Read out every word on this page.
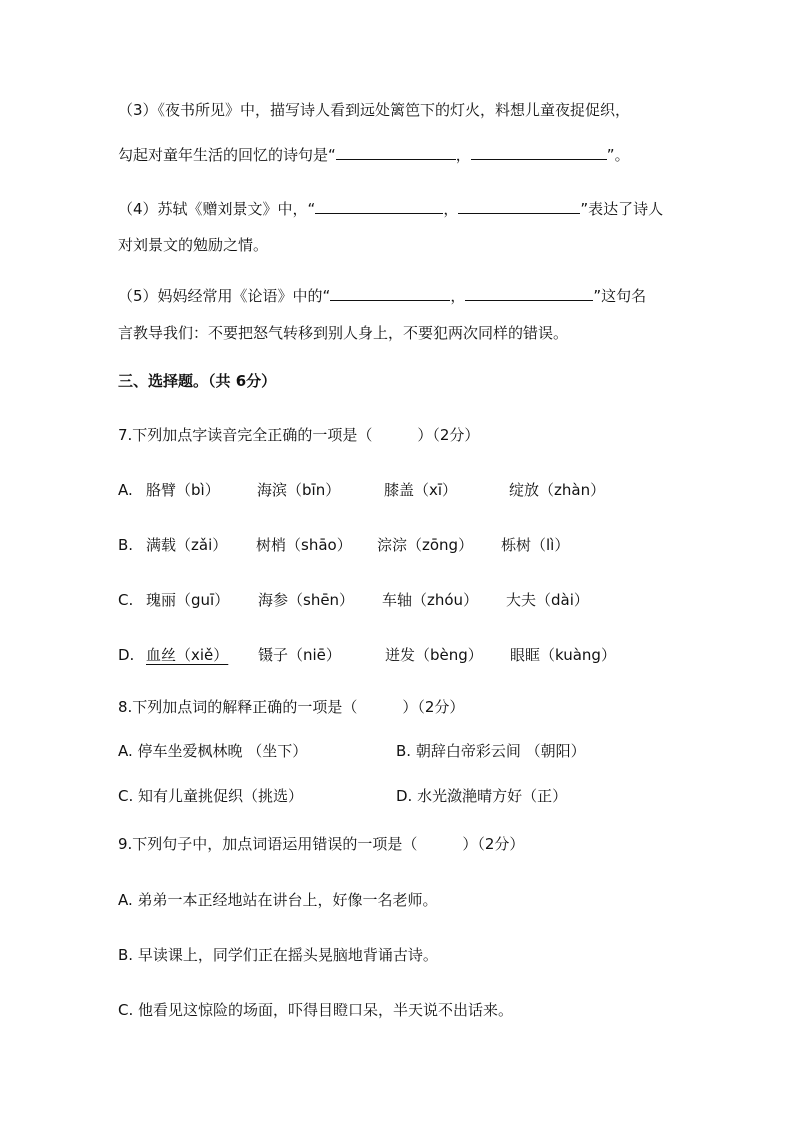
（3）《夜书所见》中，描写诗人看到远处篱笆下的灯火，料想儿童夜捉促织，
勾起对童年生活的回忆的诗句是“	，	”。
（4）苏轼《赠刘景文》中，“	，	”表达了诗人
对刘景文的勉励之情。
（5）妈妈经常用《论语》中的“	，	”这句名
言教导我们：不要把怒气转移到别人身上，不要犯两次同样的错误。
三、选择题。（共 6分）
7.下列加点字读音完全正确的一项是（　　　）（2分）
A. 胳臂（bì） 海滨（bīn）	膝盖（xī）	绽放（zhàn）
B. 满载（zǎi） 树梢（shāo） 淙淙（zōng） 栎树（lì）
C. 瑰丽（guī） 海参（shēn） 车轴（zhóu） 大夫（dài）
D. 血丝（xiě） 镊子（niē）	迸发（bèng） 眼眶（kuàng）
8.下列加点词的解释正确的一项是（　　　）（2分）
A. 停车坐爱枫林晚 （坐下）	B. 朝辞白帝彩云间 （朝阳）
C. 知有儿童挑促织（挑选）	D. 水光潋滟晴方好（正）
9.下列句子中，加点词语运用错误的一项是（　　　）（2分）
A. 弟弟一本正经地站在讲台上，好像一名老师。
B. 早读课上，同学们正在摇头晃脑地背诵古诗。
C. 他看见这惊险的场面，吓得目瞪口呆，半天说不出话来。
